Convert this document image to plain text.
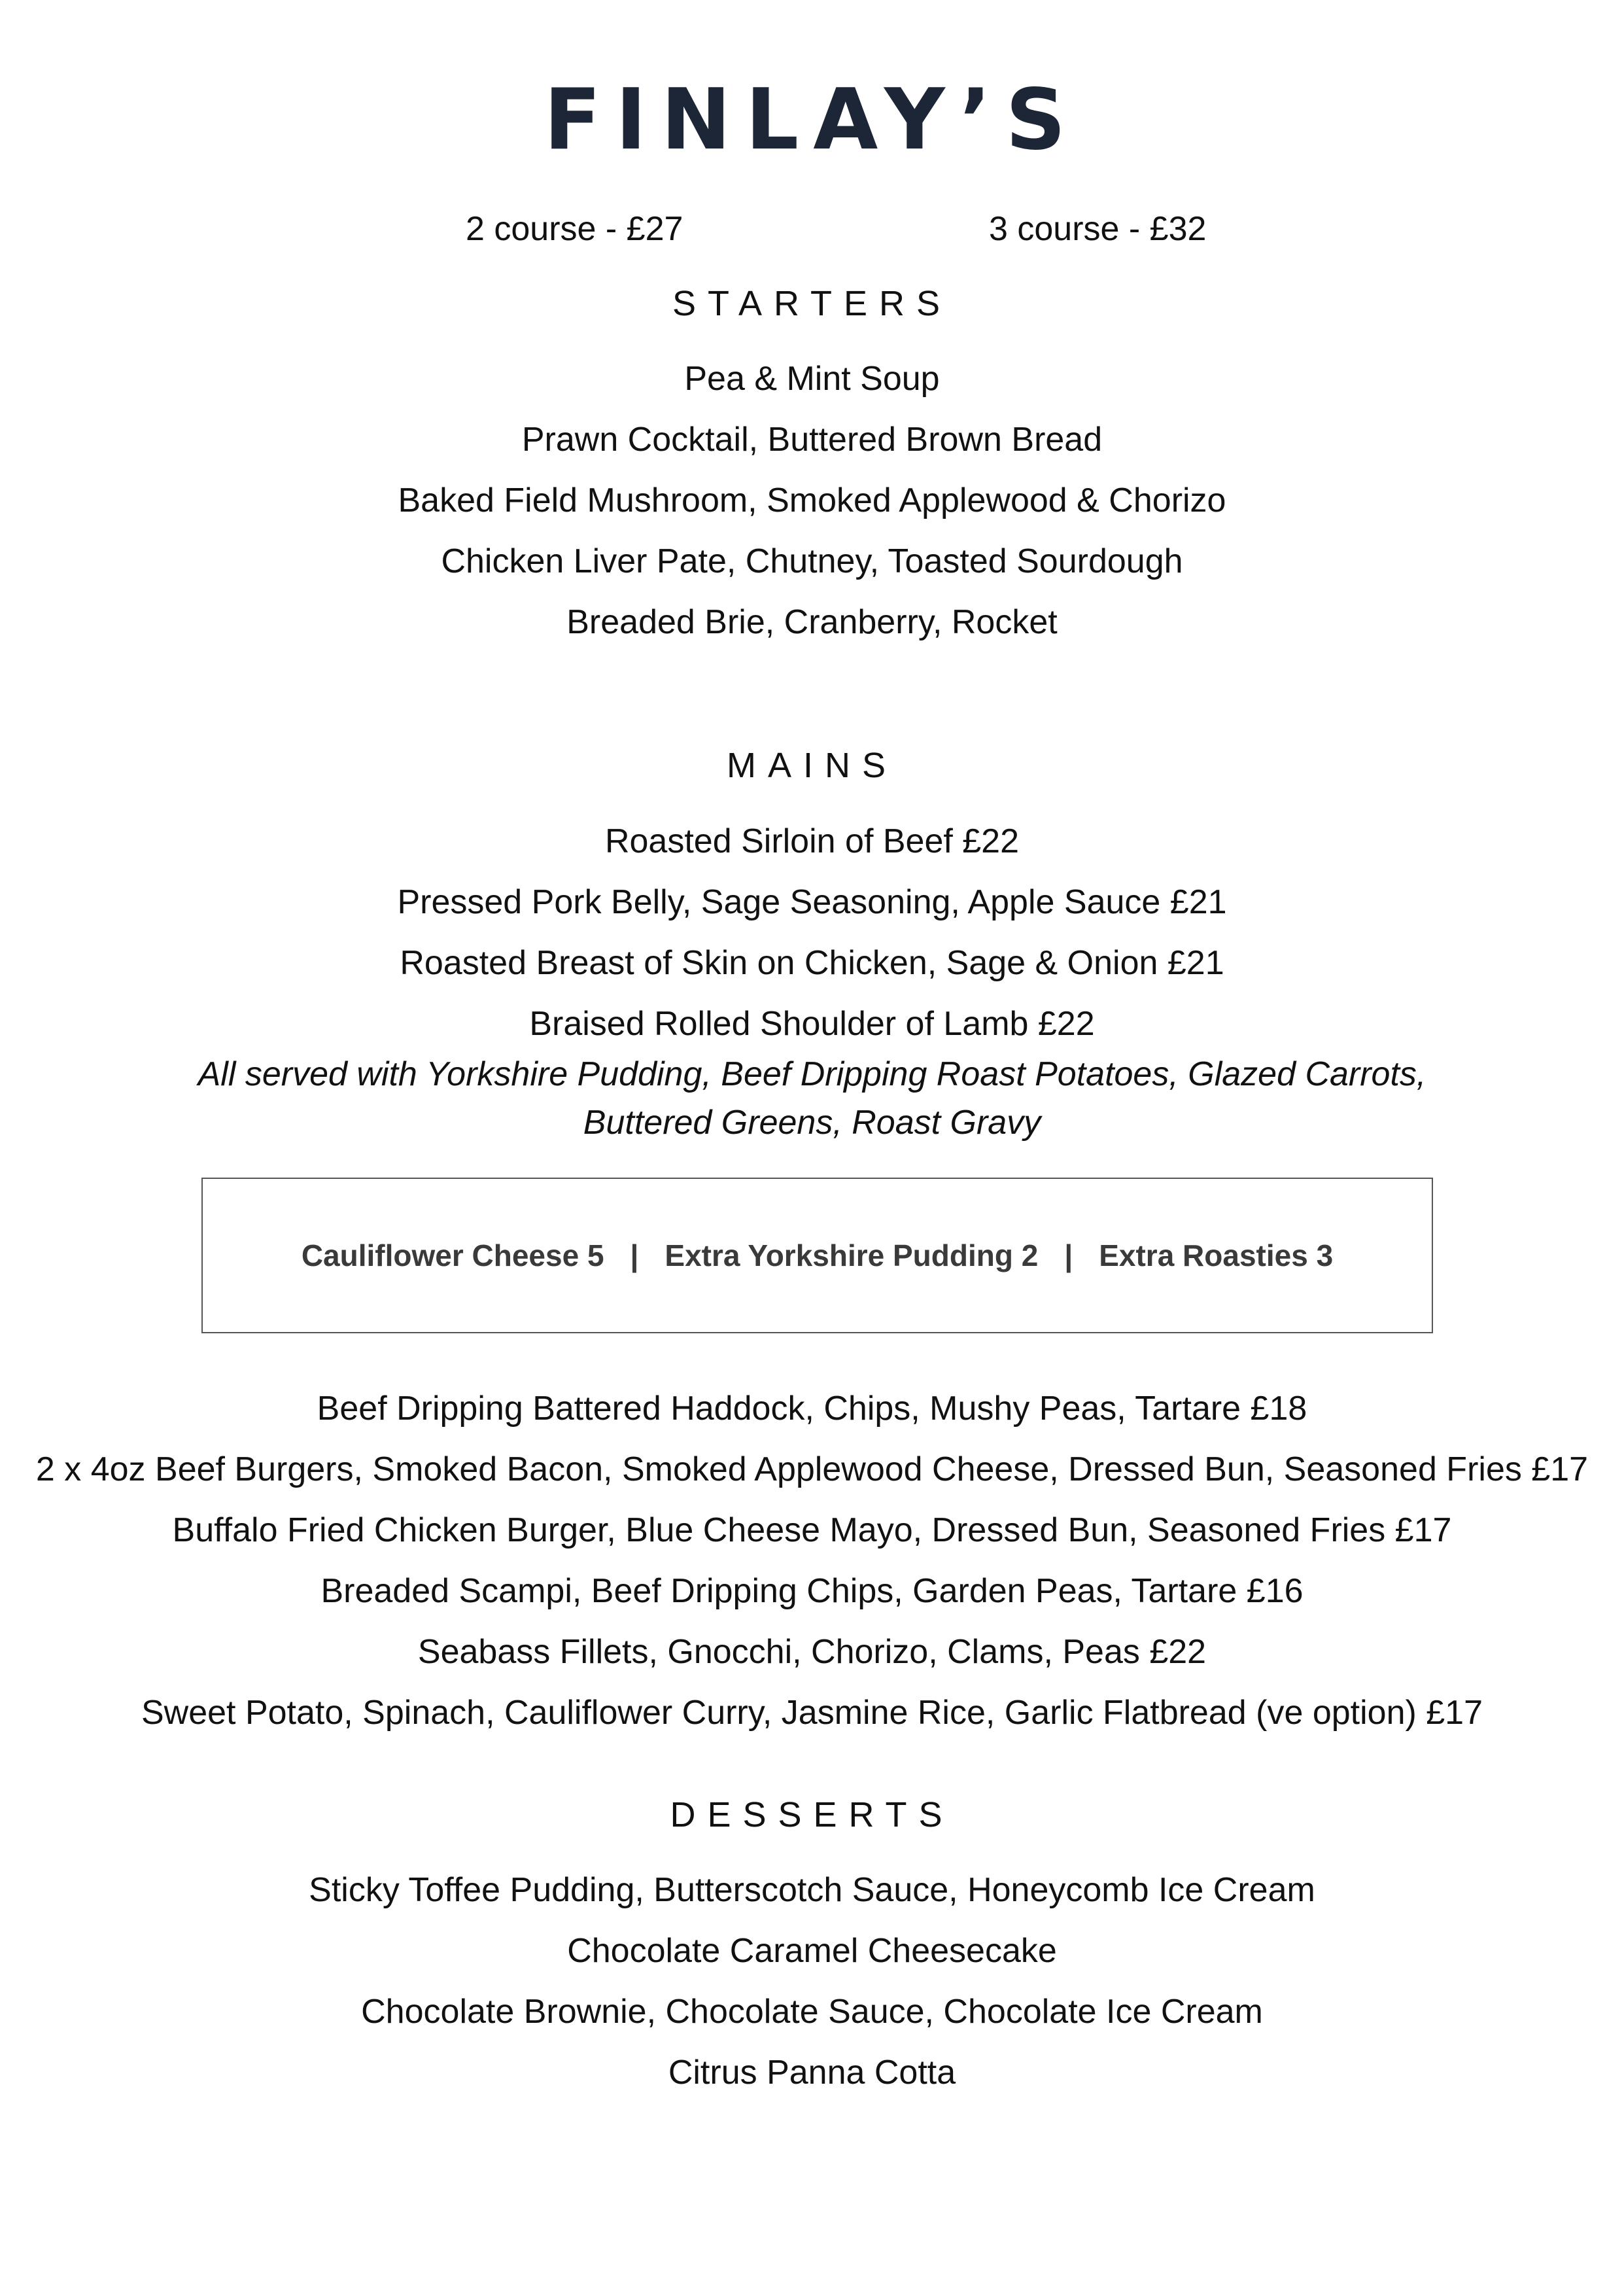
FINLAY’S
2 course - £27	3 course - £32
STARTERS
Pea & Mint Soup
Prawn Cocktail, Buttered Brown Bread
Baked Field Mushroom, Smoked Applewood & Chorizo
Chicken Liver Pate, Chutney, Toasted Sourdough
Breaded Brie, Cranberry, Rocket
MAINS
Roasted Sirloin of Beef £22
Pressed Pork Belly, Sage Seasoning, Apple Sauce £21
Roasted Breast of Skin on Chicken, Sage & Onion £21
Braised Rolled Shoulder of Lamb £22
All served with Yorkshire Pudding, Beef Dripping Roast Potatoes, Glazed Carrots,
Buttered Greens, Roast Gravy
Cauliflower Cheese 5 | Extra Yorkshire Pudding 2 | Extra Roasties 3
Beef Dripping Battered Haddock, Chips, Mushy Peas, Tartare £18
2 x 4oz Beef Burgers, Smoked Bacon, Smoked Applewood Cheese, Dressed Bun, Seasoned Fries £17
Buffalo Fried Chicken Burger, Blue Cheese Mayo, Dressed Bun, Seasoned Fries £17
Breaded Scampi, Beef Dripping Chips, Garden Peas, Tartare £16
Seabass Fillets, Gnocchi, Chorizo, Clams, Peas £22
Sweet Potato, Spinach, Cauliflower Curry, Jasmine Rice, Garlic Flatbread (ve option) £17
DESSERTS
Sticky Toffee Pudding, Butterscotch Sauce, Honeycomb Ice Cream
Chocolate Caramel Cheesecake
Chocolate Brownie, Chocolate Sauce, Chocolate Ice Cream
Citrus Panna Cotta
